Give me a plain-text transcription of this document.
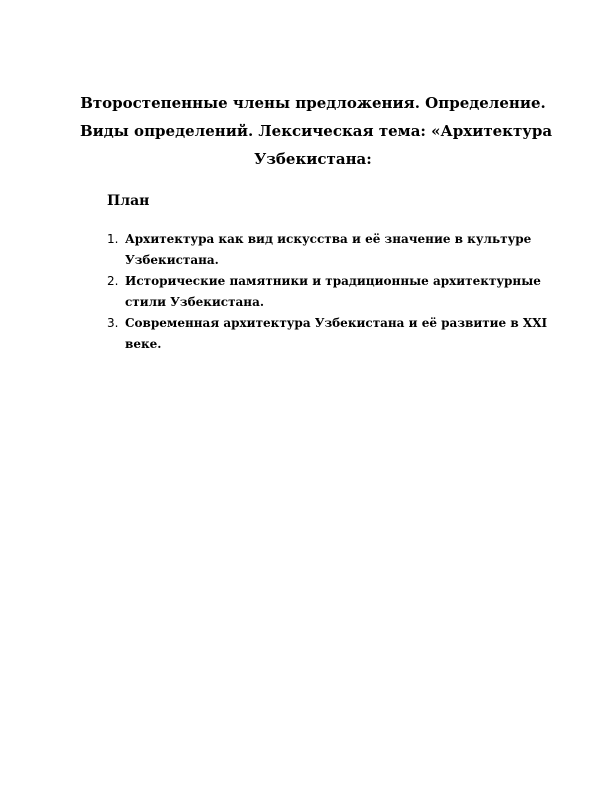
Второстепенные члены предложения. Определение.
Виды определений. Лексическая тема: «Архитектура
Узбекистана:
План
1. Архитектура как вид искусства и её значение в культуре
Узбекистана.
2. Исторические памятники и традиционные архитектурные
стили Узбекистана.
3. Современная архитектура Узбекистана и её развитие в XXI
веке.
